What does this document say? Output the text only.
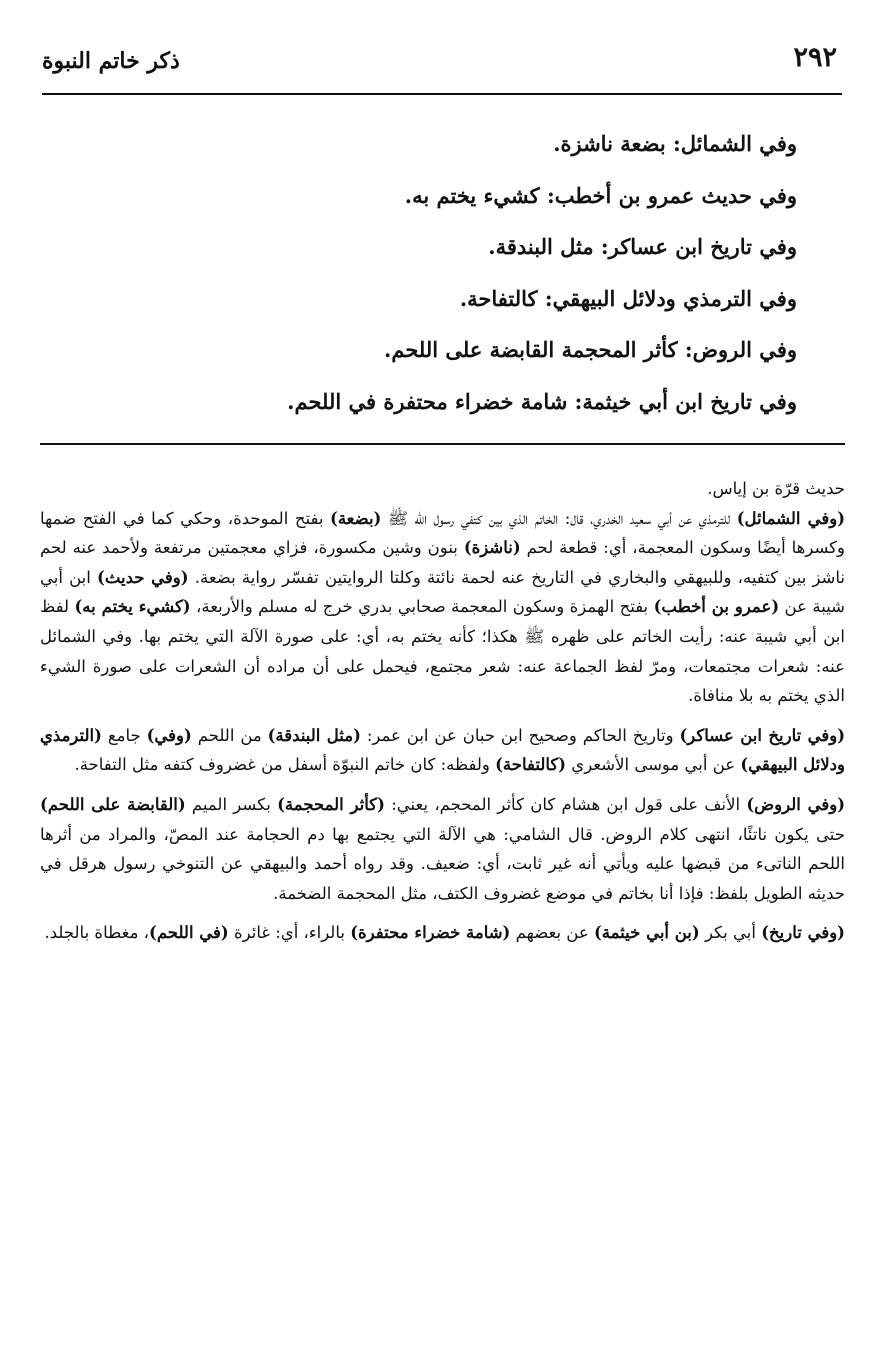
٢٩٢
ذكر خاتم النبوة
وفي الشمائل: بضعة ناشزة.
وفي حديث عمرو بن أخطب: كشيء يختم به.
وفي تاريخ ابن عساكر: مثل البندقة.
وفي الترمذي ودلائل البيهقي: كالتفاحة.
وفي الروض: كأثر المحجمة القابضة على اللحم.
وفي تاريخ ابن أبي خيثمة: شامة خضراء محتفرة في اللحم.

حديث قرّة بن إياس.

(وفي الشمائل) للترمذي عن أبي سعيد الخدري، قال: الخاتم الذي بين كتفي رسول الله ﷺ (بضعة) بفتح الموحدة، وحكي كما في الفتح ضمها وكسرها أيضًا وسكون المعجمة، أي: قطعة لحم (ناشزة) بنون وشين مكسورة، فزاي معجمتين مرتفعة ولأحمد عنه لحم ناشز بين كتفيه، وللبيهقي والبخاري في التاريخ عنه لحمة نائتة وكلتا الروايتين تفسّر رواية بضعة. (وفي حديث) ابن أبي شيبة عن (عمرو بن أخطب) بفتح الهمزة وسكون المعجمة صحابي بدري خرج له مسلم والأربعة، (كشيء يختم به) لفظ ابن أبي شيبة عنه: رأيت الخاتم على ظهره ﷺ هكذا؛ كأنه يختم به، أي: على صورة الآلة التي يختم بها. وفي الشمائل عنه: شعرات مجتمعات، ومرّ لفظ الجماعة عنه: شعر مجتمع، فيحمل على أن مراده أن الشعرات على صورة الشيء الذي يختم به بلا منافاة.

(وفي تاريخ ابن عساكر) وتاريخ الحاكم وصحيح ابن حبان عن ابن عمر: (مثل البندقة) من اللحم (وفي) جامع (الترمذي ودلائل البيهقي) عن أبي موسى الأشعري (كالتفاحة) ولفظه: كان خاتم النبوّة أسفل من غضروف كتفه مثل التفاحة.

(وفي الروض) الأنف على قول ابن هشام كان كأثر المحجم، يعني: (كأثر المحجمة) بكسر الميم (القابضة على اللحم) حتى يكون ناتئًا، انتهى كلام الروض. قال الشامي: هي الآلة التي يجتمع بها دم الحجامة عند المصّ، والمراد من أثرها اللحم الناتىء من قبضها عليه ويأتي أنه غير ثابت، أي: ضعيف. وقد رواه أحمد والبيهقي عن التنوخي رسول هرقل في حديثه الطويل بلفظ: فإذا أنا بخاتم في موضع غضروف الكتف، مثل المحجمة الضخمة.

(وفي تاريخ) أبي بكر (بن أبي خيثمة) عن بعضهم (شامة خضراء محتفرة) بالراء، أي: غائرة (في اللحم)، مغطاة بالجلد.
